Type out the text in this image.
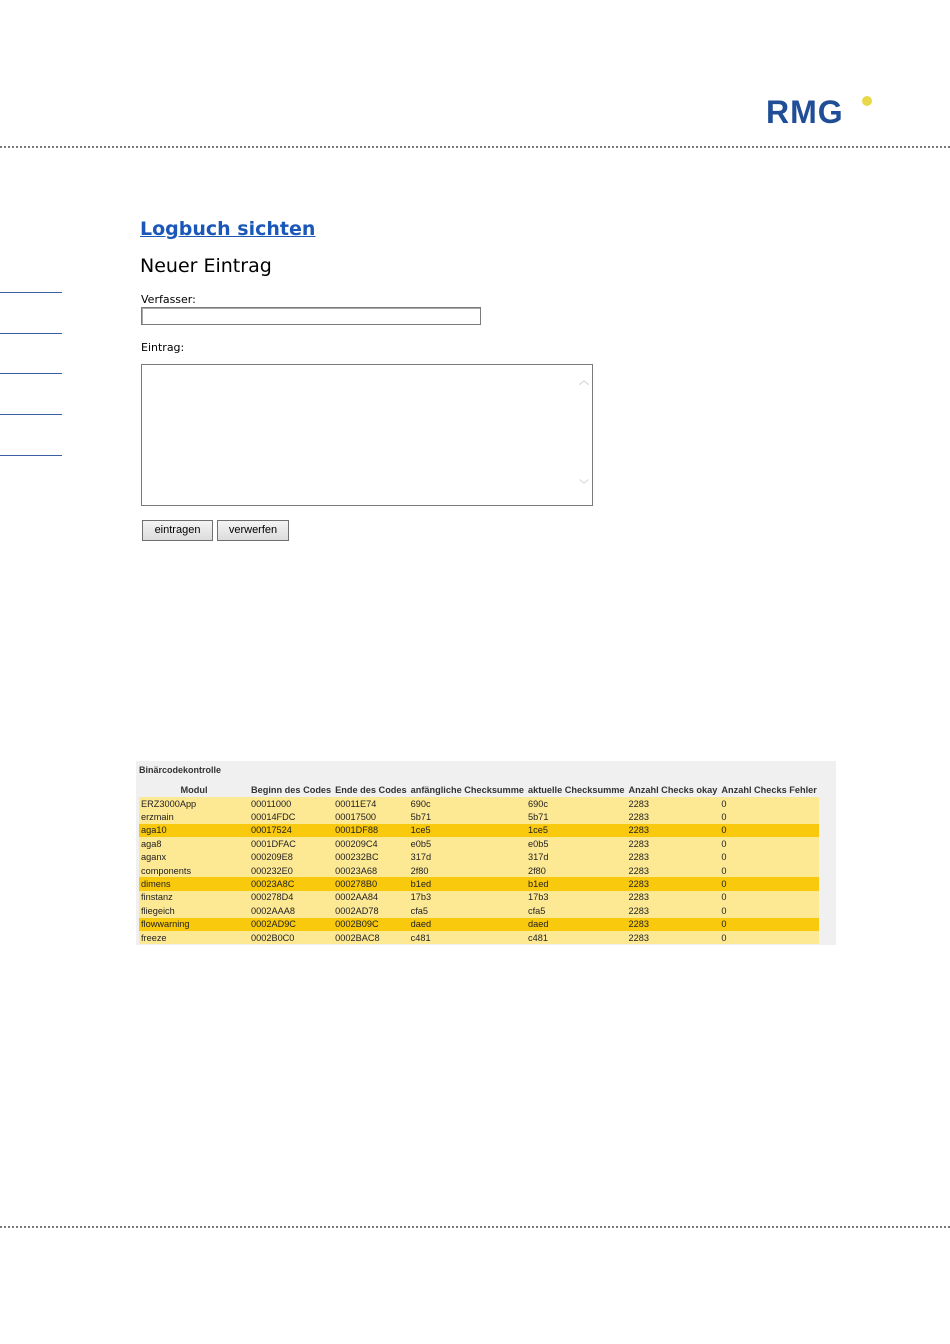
RMG
Logbuch sichten
Neuer Eintrag
Verfasser:
Eintrag:
︿
﹀
eintragen	verwerfen
Binärcodekontrolle
Modul	Beginn des Codes	Ende des Codes	anfängliche Checksumme	aktuelle Checksumme	Anzahl Checks okay	Anzahl Checks Fehler
ERZ3000App	00011000	00011E74	690c	690c	2283	0
erzmain	00014FDC	00017500	5b71	5b71	2283	0
aga10	00017524	0001DF88	1ce5	1ce5	2283	0
aga8	0001DFAC	000209C4	e0b5	e0b5	2283	0
aganx	000209E8	000232BC	317d	317d	2283	0
components	000232E0	00023A68	2f80	2f80	2283	0
dimens	00023A8C	000278B0	b1ed	b1ed	2283	0
finstanz	000278D4	0002AA84	17b3	17b3	2283	0
fliegeich	0002AAA8	0002AD78	cfa5	cfa5	2283	0
flowwarning	0002AD9C	0002B09C	daed	daed	2283	0
freeze	0002B0C0	0002BAC8	c481	c481	2283	0
